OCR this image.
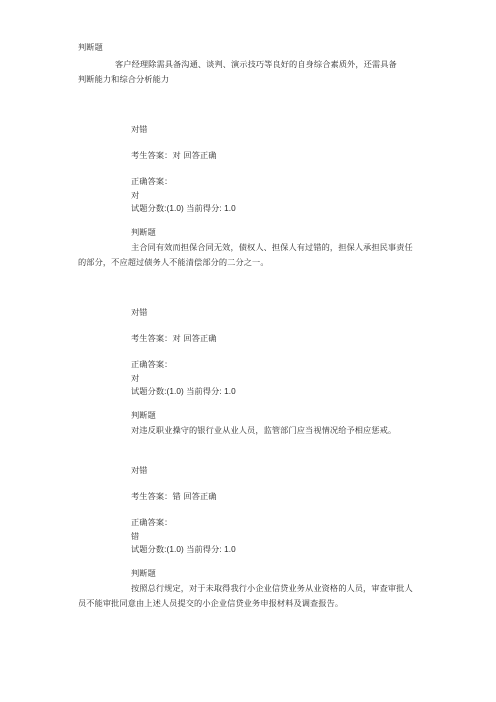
判断题
客户经理除需具备沟通、谈判、演示技巧等良好的自身综合素质外，还需具备
判断能力和综合分析能力
对错
考生答案：对 回答正确
正确答案：
对
试题分数:(1.0) 当前得分: 1.0
判断题
主合同有效而担保合同无效，债权人、担保人有过错的，担保人承担民事责任
的部分，不应超过债务人不能清偿部分的二分之一。
对错
考生答案：对 回答正确
正确答案：
对
试题分数:(1.0) 当前得分: 1.0
判断题
对违反职业操守的银行业从业人员，监管部门应当视情况给予相应惩戒。
对错
考生答案：错 回答正确
正确答案：
错
试题分数:(1.0) 当前得分: 1.0
判断题
按照总行规定，对于未取得我行小企业信贷业务从业资格的人员，审查审批人
员不能审批同意由上述人员提交的小企业信贷业务申报材料及调查报告。
